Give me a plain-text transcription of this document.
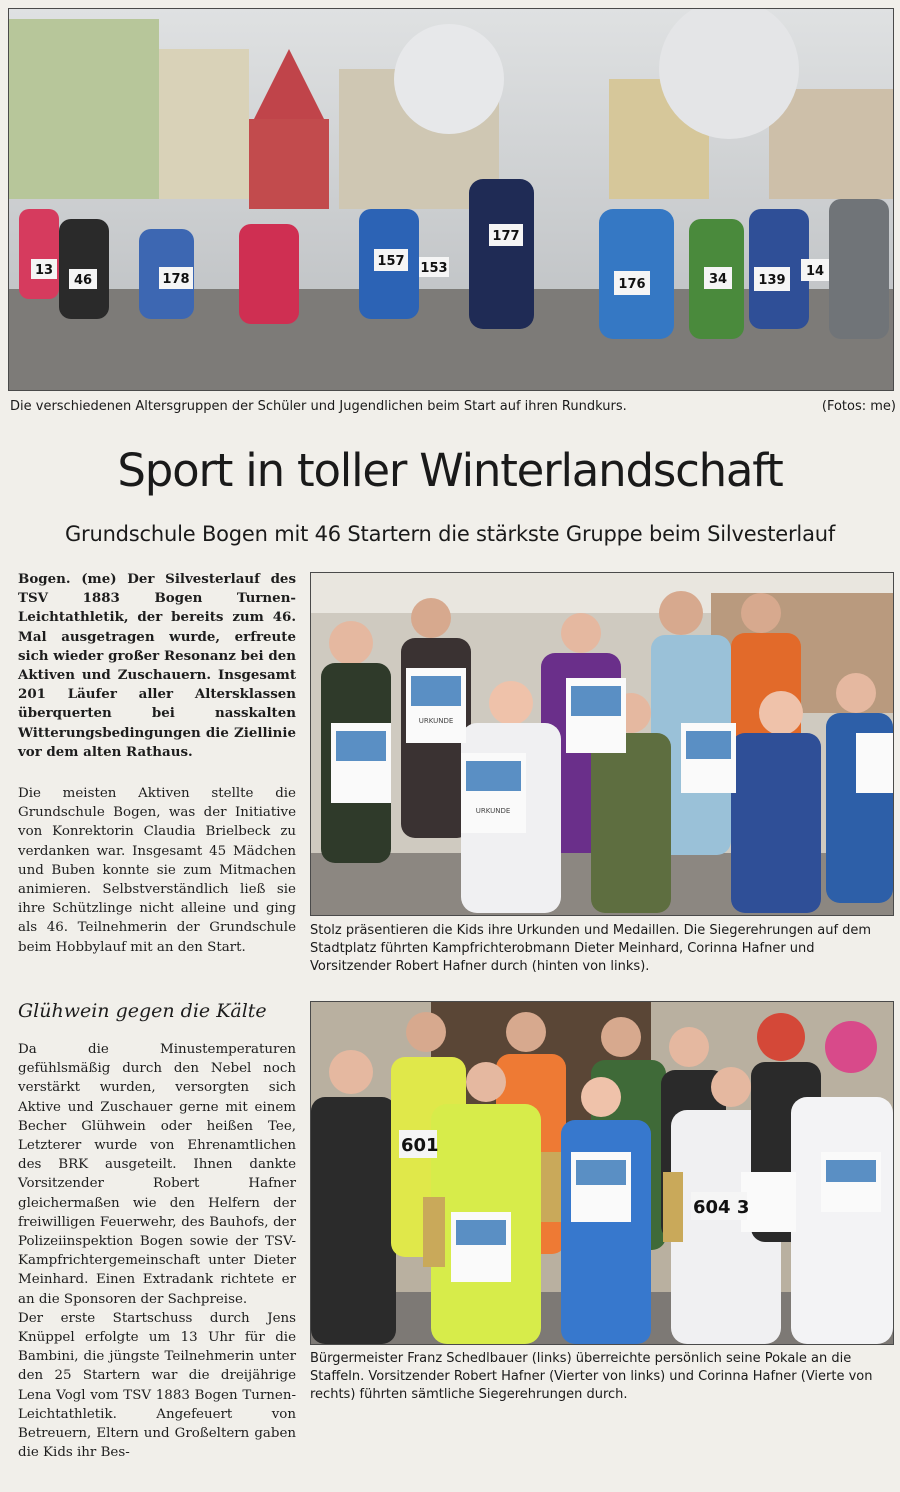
13
46	178
157 153
177
176	34 139
14
Die verschiedenen Altersgruppen der Schüler und Jugendlichen beim Start auf ihren Rundkurs.	(Fotos: me)
Sport in toller Winterlandschaft
Grundschule Bogen mit 46 Startern die stärkste Gruppe beim Silvesterlauf

Bogen. (me) Der Silvesterlauf des TSV 1883 Bogen Turnen-Leichtathletik, der bereits zum 46. Mal ausgetragen wurde, erfreute sich wieder großer Resonanz bei den Aktiven und Zuschauern. Insgesamt 201 Läufer aller Altersklassen überquerten bei nasskalten Witterungsbedingungen die Ziellinie vor dem alten Rathaus.

Die meisten Aktiven stellte die Grundschule Bogen, was der Initiative von Konrektorin Claudia Brielbeck zu verdanken war. Insgesamt 45 Mädchen und Buben konnte sie zum Mitmachen animieren. Selbstverständlich ließ sie ihre Schützlinge nicht alleine und ging als 46. Teilnehmerin der Grundschule beim Hobbylauf mit an den Start.

Glühwein gegen die Kälte

Da die Minustemperaturen gefühlsmäßig durch den Nebel noch verstärkt wurden, versorgten sich Aktive und Zuschauer gerne mit einem Becher Glühwein oder heißen Tee, Letzterer wurde von Ehrenamtlichen des BRK ausgeteilt. Ihnen dankte Vorsitzender Robert Hafner gleichermaßen wie den Helfern der freiwilligen Feuerwehr, des Bauhofs, der Polizeiinspektion Bogen sowie der TSV-Kampfrichtergemeinschaft unter Dieter Meinhard. Einen Extradank richtete er an die Sponsoren der Sachpreise.

Der erste Startschuss durch Jens Knüppel erfolgte um 13 Uhr für die Bambini, die jüngste Teilnehmerin unter den 25 Startern war die dreijährige Lena Vogl vom TSV 1883 Bogen Turnen-Leichtathletik. Angefeuert von Betreuern, Eltern und Großeltern gaben die Kids ihr Bes-

URKUNDE
URKUNDE
Stolz präsentieren die Kids ihre Urkunden und Medaillen. Die Siegerehrungen auf dem Stadtplatz führten Kampfrichterobmann Dieter Meinhard, Corinna Hafner und Vorsitzender Robert Hafner durch (hinten von links).
601
604 3
Bürgermeister Franz Schedlbauer (links) überreichte persönlich seine Pokale an die Staffeln. Vorsitzender Robert Hafner (Vierter von links) und Corinna Hafner (Vierte von rechts) führten sämtliche Siegerehrungen durch.
